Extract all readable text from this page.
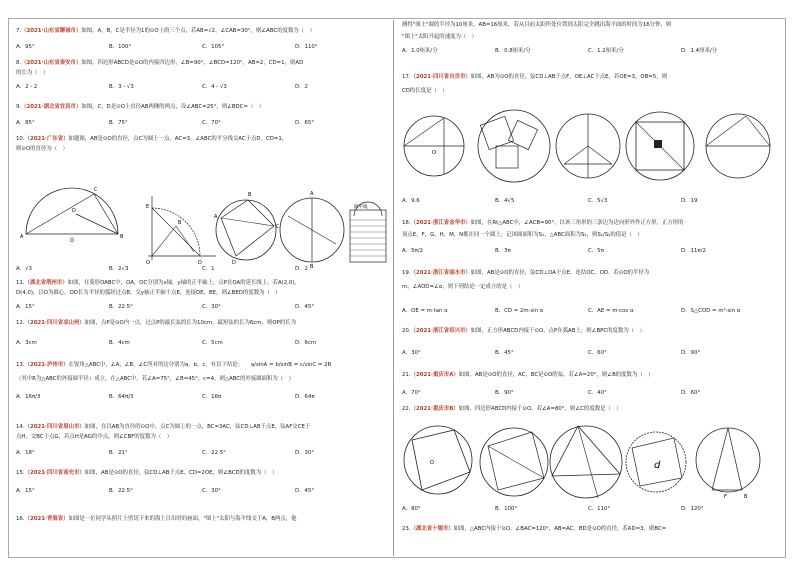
7.（2021·山东省聊城市）如图，A，B，C是半径为1的⊙O上的三个点，若AB=√2，∠CAB=30°，则∠ABC的度数为（　）
A．95°	B．100°	C．105°	D．110°
8.（2021·山东省泰安市）如图，四边形ABCD是⊙O的内接四边形，∠B=90°，∠BCD=120°，AB=2，CD=1，则AD
的长为（　）
A．2 - 2	B．3 - √3	C．4 - √3	D．2
9.（2021·湖北省宜昌市）如图，C，D是⊙O上直径AB两侧的两点，设∠ABC=25°，则∠BDC=（　）
A．85°	B．75°	C．70°	D．65°
10.（2021·广东省）如题图，AB是⊙O的直径，点C为圆上一点，AC=3，∠ABC的平分线交AC于点D，CD=1，
则⊙O的直径为（　）
A	B
C
D
O
O	D
E
B
A
B
C
D
A
B
海平线
A．√3	B．2√3	C．1	D．2
11.（湖北省荆州市）如图，在菱形OABC中，OA，OC分别为x轴，y轴的正半轴上，点P在OA的延长线上，若A(2,0)，
D(4,0)，以O为圆心，OD长为半径的弧经过点B，交y轴正半轴于点E，连接DE，BE，则∠BED的度数为（　）
A．15°	B．22.5°	C．30°	D．45°
12.（2021·四川省凉山州）如图，点P是⊙O内一点，过点P的最长弦的长为10cm，最短弦的长为6cm，则OP的长为
A．3cm	B．4cm	C．5cm	D．6cm
13.（2021·泸州市）在锐角△ABC中，∠A，∠B，∠C所对的边分别为a，b，c，有以下结论： a/sinA = b/sinB = c/sinC = 2R
（其中R为△ABC的外接圆半径）成立，在△ABC中，若∠A=75°，∠B=45°，c=4，则△ABC的外接圆面积为（　）
A．16π/3	B．64π/3	C．16π	D．64π
14.（2021·四川省眉山市）如图，在以AB为直径的⊙O中，点C为圆上的一点，BC=3AC，弦CD⊥AB于点E，弦AF交CE于
点H，交BC于点G，若点H是AG的中点，则∠CBF的度数为（　）
A．18°	B．21°	C．22.5°	D．30°
15.（2021·四川省南充市）如图，AB是⊙O的直径，弦CD⊥AB于点E，CD=2OE，则∠BCD的度数为（　）
A．15°	B．22.5°	C．30°	D．45°
16.（2021·青海省）如图是一位同学从照片上剪切下来的海上日出时的画面，"图上"太阳与海平线交于A，B两点，他
测得"图上"圆的半径为10厘米，AB=16厘米，若从目前太阳所处位置到太阳完全跳出海平面的时间为16分钟，则
"图上"太阳升起的速度为（　）
A．1.0厘米/分	B．0.8厘米/分	C．1.2厘米/分	D．1.4厘米/分
17.（2021·四川省自贡市）如图，AB为⊙O的直径，弦CD⊥AB于点F，OE⊥AC于点E，若OE=3，OB=5，则
CD的长度是（　）
O
A．9.6	B．4√5	C．5√3	D．19
18.（2021·浙江省金华市）如图，在Rt△ABC中，∠ACB=90°，以该三角形的三条边为边向形外作正方形，正方形的
顶点E，F，G，H，M，N都在同一个圆上，记该圆面积为S₁，△ABC面积为S₂，则S₁/S₂的值是（　）
A．5π/2	B．3π	C．5π	D．11π/2
19.（2021·浙江省丽水市）如图，AB是⊙O的直径，弦CD⊥OA于点E，连结OC，OD．若⊙O的半径为
m，∠AOD=∠α，则下列结论一定成立的是（　）
A．OE = m·tan α	B．CD = 2m·sin α	C．AE = m·cos α	D．S△COD = m²·sin α
20.（2021·浙江省绍兴市）如图，正方形ABCD内接于⊙O，点P在弧AB上，则∠BPC的度数为（　）
A．30°	B．45°	C．60°	D．90°
21.（2021·重庆市A）如图，AB是⊙O的直径，AC，BC是⊙O的弦，若∠A=20°，则∠B的度数为（　）
A．70°	B．90°	C．40°	D．60°
22.（2021·重庆市B）如图，四边形ABCD内接于⊙O，若∠A=80°，则∠C的度数是（　）
O	d
F	B
A．80°	B．100°	C．110°	D．120°
23.（湖北省十堰市）如图，△ABC内接于⊙O，∠BAC=120°，AB=AC，BD是⊙O的直径，若AD=3，则BC=
